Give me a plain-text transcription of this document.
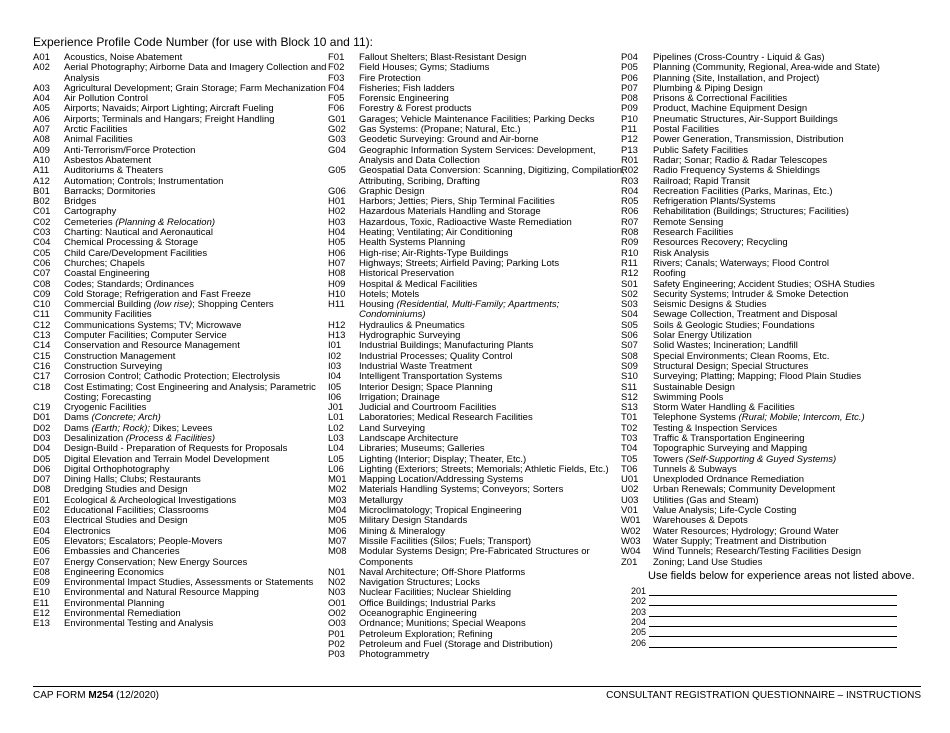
Experience Profile Code Number (for use with Block 10 and 11):
A01	Acoustics, Noise Abatement
A02	Aerial Photography; Airborne Data and Imagery Collection and Analysis
A03	Agricultural Development; Grain Storage; Farm Mechanization
A04	Air Pollution Control
A05	Airports; Navaids; Airport Lighting; Aircraft Fueling
A06	Airports; Terminals and Hangars; Freight Handling
A07	Arctic Facilities
A08	Animal Facilities
A09	Anti-Terrorism/Force Protection
A10	Asbestos Abatement
A11	Auditoriums & Theaters
A12	Automation; Controls; Instrumentation
B01	Barracks; Dormitories
B02	Bridges
C01	Cartography
C02	Cemeteries (Planning & Relocation)
C03	Charting: Nautical and Aeronautical
C04	Chemical Processing & Storage
C05	Child Care/Development Facilities
C06	Churches; Chapels
C07	Coastal Engineering
C08	Codes; Standards; Ordinances
C09	Cold Storage; Refrigeration and Fast Freeze
C10	Commercial Building (low rise); Shopping Centers
C11	Community Facilities
C12	Communications Systems; TV; Microwave
C13	Computer Facilities; Computer Service
C14	Conservation and Resource Management
C15	Construction Management
C16	Construction Surveying
C17	Corrosion Control; Cathodic Protection; Electrolysis
C18	Cost Estimating; Cost Engineering and Analysis; Parametric Costing; Forecasting
C19	Cryogenic Facilities
D01	Dams (Concrete; Arch)
D02	Dams (Earth; Rock); Dikes; Levees
D03	Desalinization (Process & Facilities)
D04	Design-Build - Preparation of Requests for Proposals
D05	Digital Elevation and Terrain Model Development
D06	Digital Orthophotography
D07	Dining Halls; Clubs; Restaurants
D08	Dredging Studies and Design
E01	Ecological & Archeological Investigations
E02	Educational Facilities; Classrooms
E03	Electrical Studies and Design
E04	Electronics
E05	Elevators; Escalators; People-Movers
E06	Embassies and Chanceries
E07	Energy Conservation; New Energy Sources
E08	Engineering Economics
E09	Environmental Impact Studies, Assessments or Statements
E10	Environmental and Natural Resource Mapping
E11	Environmental Planning
E12	Environmental Remediation
E13	Environmental Testing and Analysis
F01	Fallout Shelters; Blast-Resistant Design
F02	Field Houses; Gyms; Stadiums
F03	Fire Protection
F04	Fisheries; Fish ladders
F05	Forensic Engineering
F06	Forestry & Forest products
G01	Garages; Vehicle Maintenance Facilities; Parking Decks
G02	Gas Systems: (Propane; Natural, Etc.)
G03	Geodetic Surveying: Ground and Air-borne
G04	Geographic Information System Services: Development, Analysis and Data Collection
G05	Geospatial Data Conversion: Scanning, Digitizing, Compilation, Attributing, Scribing, Drafting
G06	Graphic Design
H01	Harbors; Jetties; Piers, Ship Terminal Facilities
H02	Hazardous Materials Handling and Storage
H03	Hazardous, Toxic, Radioactive Waste Remediation
H04	Heating; Ventilating; Air Conditioning
H05	Health Systems Planning
H06	High-rise; Air-Rights-Type Buildings
H07	Highways; Streets; Airfield Paving; Parking Lots
H08	Historical Preservation
H09	Hospital & Medical Facilities
H10	Hotels; Motels
H11	Housing (Residential, Multi-Family; Apartments; Condominiums)
H12	Hydraulics & Pneumatics
H13	Hydrographic Surveying
I01	Industrial Buildings; Manufacturing Plants
I02	Industrial Processes; Quality Control
I03	Industrial Waste Treatment
I04	Intelligent Transportation Systems
I05	Interior Design; Space Planning
I06	Irrigation; Drainage
J01	Judicial and Courtroom Facilities
L01	Laboratories; Medical Research Facilities
L02	Land Surveying
L03	Landscape Architecture
L04	Libraries; Museums; Galleries
L05	Lighting (Interior; Display; Theater, Etc.)
L06	Lighting (Exteriors; Streets; Memorials; Athletic Fields, Etc.)
M01	Mapping Location/Addressing Systems
M02	Materials Handling Systems; Conveyors; Sorters
M03	Metallurgy
M04	Microclimatology; Tropical Engineering
M05	Military Design Standards
M06	Mining & Mineralogy
M07	Missile Facilities (Silos; Fuels; Transport)
M08	Modular Systems Design; Pre-Fabricated Structures or Components
N01	Naval Architecture; Off-Shore Platforms
N02	Navigation Structures; Locks
N03	Nuclear Facilities; Nuclear Shielding
O01	Office Buildings; Industrial Parks
O02	Oceanographic Engineering
O03	Ordnance; Munitions; Special Weapons
P01	Petroleum Exploration; Refining
P02	Petroleum and Fuel (Storage and Distribution)
P03	Photogrammetry
P04	Pipelines (Cross-Country - Liquid & Gas)
P05	Planning (Community, Regional, Area-wide and State)
P06	Planning (Site, Installation, and Project)
P07	Plumbing & Piping Design
P08	Prisons & Correctional Facilities
P09	Product, Machine Equipment Design
P10	Pneumatic Structures, Air-Support Buildings
P11	Postal Facilities
P12	Power Generation, Transmission, Distribution
P13	Public Safety Facilities
R01	Radar; Sonar; Radio & Radar Telescopes
R02	Radio Frequency Systems & Shieldings
R03	Railroad; Rapid Transit
R04	Recreation Facilities (Parks, Marinas, Etc.)
R05	Refrigeration Plants/Systems
R06	Rehabilitation (Buildings; Structures; Facilities)
R07	Remote Sensing
R08	Research Facilities
R09	Resources Recovery; Recycling
R10	Risk Analysis
R11	Rivers; Canals; Waterways; Flood Control
R12	Roofing
S01	Safety Engineering; Accident Studies; OSHA Studies
S02	Security Systems; Intruder & Smoke Detection
S03	Seismic Designs & Studies
S04	Sewage Collection, Treatment and Disposal
S05	Soils & Geologic Studies; Foundations
S06	Solar Energy Utilization
S07	Solid Wastes; Incineration; Landfill
S08	Special Environments; Clean Rooms, Etc.
S09	Structural Design; Special Structures
S10	Surveying; Platting; Mapping; Flood Plain Studies
S11	Sustainable Design
S12	Swimming Pools
S13	Storm Water Handling & Facilities
T01	Telephone Systems (Rural; Mobile; Intercom, Etc.)
T02	Testing & Inspection Services
T03	Traffic & Transportation Engineering
T04	Topographic Surveying and Mapping
T05	Towers (Self-Supporting & Guyed Systems)
T06	Tunnels & Subways
U01	Unexploded Ordnance Remediation
U02	Urban Renewals; Community Development
U03	Utilities (Gas and Steam)
V01	Value Analysis; Life-Cycle Costing
W01	Warehouses & Depots
W02	Water Resources; Hydrology; Ground Water
W03	Water Supply; Treatment and Distribution
W04	Wind Tunnels; Research/Testing Facilities Design
Z01	Zoning; Land Use Studies
Use fields below for experience areas not listed above.
201
202
203
204
205
206
CAP FORM M254 (12/2020)	CONSULTANT REGISTRATION QUESTIONNAIRE – INSTRUCTIONS
